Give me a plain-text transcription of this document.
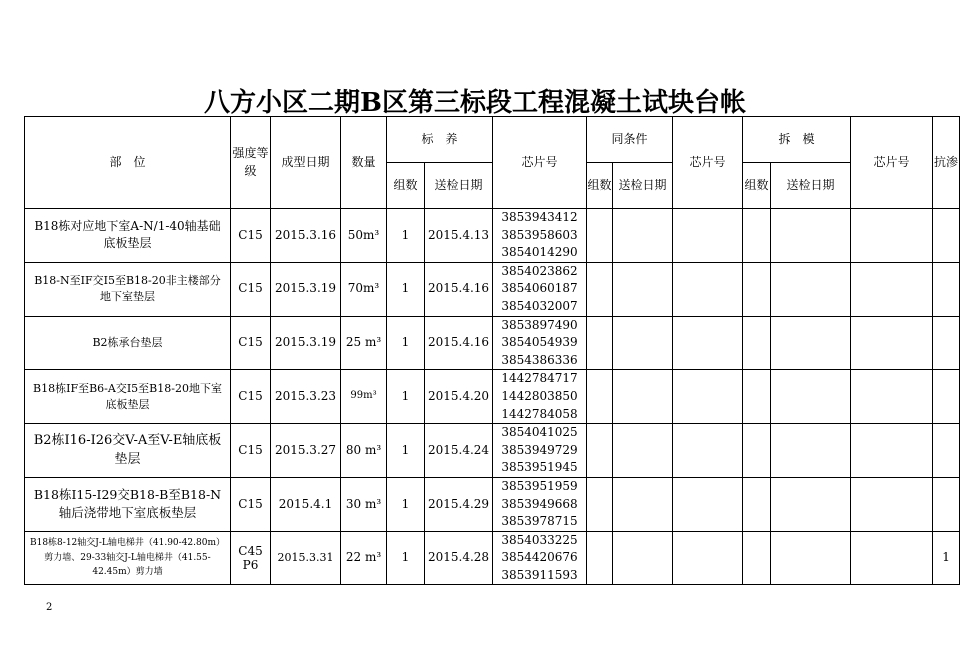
八方小区二期B区第三标段工程混凝土试块台帐
部　位	强度等级	成型日期	数量	标　养		芯片号	同条件		芯片号	拆　模		芯片号	抗渗
				组数	送检日期		组数	送检日期		组数	送检日期		
B18栋对应地下室A-N/1-40轴基础底板垫层	C15	2015.3.16	50m³	1	2015.4.13	3853943412
3853958603
3854014290							

B18-N至IF交I5至B18-20非主楼部分地下室垫层	C15	2015.3.19	70m³	1	2015.4.16	3854023862
3854060187
3854032007							

B2栋承台垫层	C15	2015.3.19	25 m³	1	2015.4.16	3853897490
3854054939
3854386336							

B18栋IF至B6-A交I5至B18-20地下室底板垫层	C15	2015.3.23	99m³	1	2015.4.20	1442784717
1442803850
1442784058							

B2栋I16-I26交V-A至V-E轴底板垫层	C15	2015.3.27	80 m³	1	2015.4.24	3854041025
3853949729
3853951945							

B18栋I15-I29交B18-B至B18-N轴后浇带地下室底板垫层	C15	2015.4.1	30 m³	1	2015.4.29	3853951959
3853949668
3853978715							

B18栋8-12轴交J-L轴电梯井（41.90-42.80m）剪力墙、29-33轴交J-L轴电梯井（41.55-42.45m）剪力墙	C45 P6	2015.3.31	22 m³	1	2015.4.28	3854033225
3854420676
3853911593							1
2
